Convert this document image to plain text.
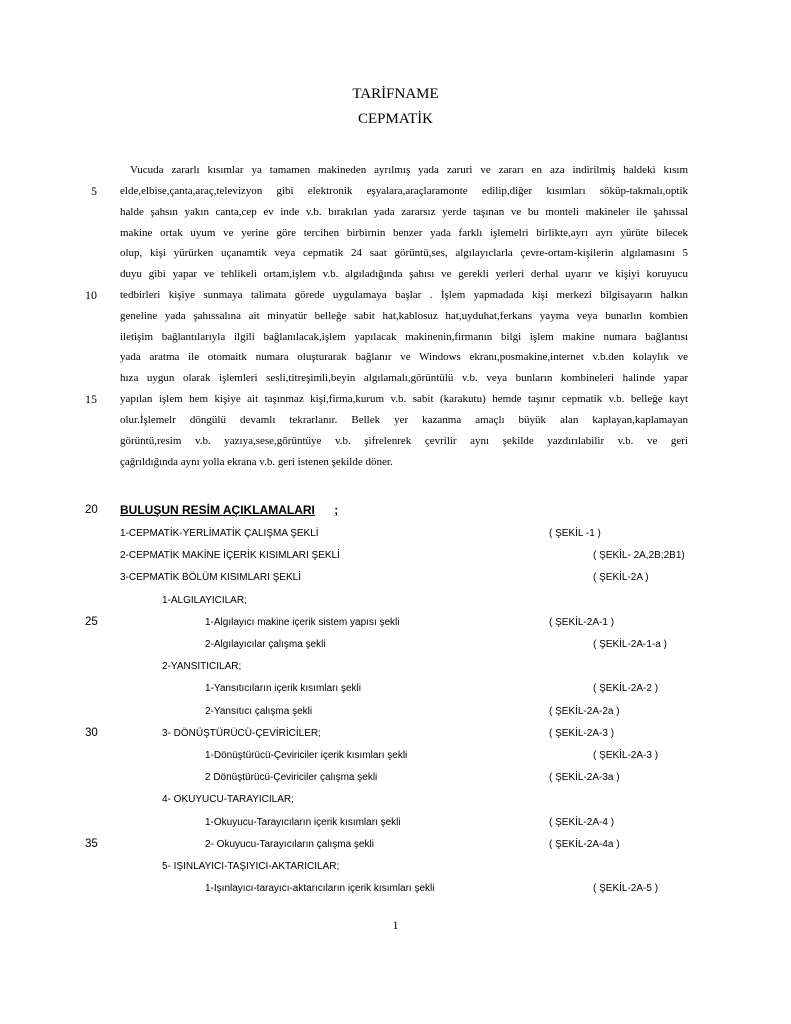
TARİFNAME
CEPMATİK
Vucuda zararlı kısımlar ya tamamen makineden ayrılmış yada zaruri ve zararı en aza indirilmiş haldeki kısım
elde,elbise,çanta,araç,televizyon gibi elektronik eşyalara,araçlaramonte edilip,diğer kısımları söküp-takmalı,optik
halde şahsın yakın canta,cep ev inde v.b. bırakılan yada zararsız yerde taşınan ve bu monteli makineler ile şahıssal
makine ortak uyum ve yerine göre tercihen birbirnin benzer yada farklı işlemelri birlikte,ayrı ayrı yürüte bilecek
olup, kişi yürürken uçanamtik veya cepmatik 24 saat görüntü,ses, algılayıclarla çevre-ortam-kişilerin algılamasını 5
duyu gibi yapar ve tehlikeli ortam,işlem v.b. algıladığında şahısı ve gerekli yerleri derhal uyarır ve kişiyi koruyucu
tedbirleri kişiye sunmaya talimata görede uygulamaya başlar . İşlem yapmadada kişi merkezi bilgisayarın halkın
geneline yada şahıssalına ait minyatür belleğe sabit hat,kablosuz hat,uyduhat,ferkans yayma veya bunarlın kombien
iletişim bağlantılarıyla ilgili bağlanılacak,işlem yapılacak makinenin,firmanın bilgi işlem makine numara bağlantısı
yada aratma ile otomaitk numara oluşturarak bağlanır ve Windows ekranı,posmakine,internet v.b.den kolaylık ve
hıza uygun olarak işlemleri sesli,titreşimli,beyin algılamalı,görüntülü v.b. veya bunların kombineleri halinde yapar
yapılan işlem hem kişiye ait taşınmaz kişi,firma,kurum v.b. sabit (karakutu) hemde taşınır cepmatik v.b. belleğe kayt
olur.İşlemelr döngülü devamlı tekrarlanır. Bellek yer kazanma amaçlı büyük alan kaplayan,kaplamayan
görüntü,resim v.b. yazıya,sese,görüntüye v.b. şifrelenrek çevrilir aynı şekilde yazdırılabilir v.b. ve geri
çağrıldığında aynı yolla ekrana v.b. geri istenen şekilde döner.
5
10
15
20
25
30
35
BULUŞUN RESİM AÇIKLAMALARI ;
1-CEPMATİK-YERLİMATİK ÇALIŞMA ŞEKLİ	( ŞEKİL -1 )
2-CEPMATİK MAKİNE İÇERİK KISIMLARI ŞEKLİ	( ŞEKİL- 2A,2B;2B1)
3-CEPMATİK BÖLÜM KISIMLARI ŞEKLİ	( ŞEKİL-2A )
1-ALGILAYICILAR;
1-Algılayıcı makine içerik sistem yapısı şekli	( ŞEKİL-2A-1 )
2-Algılayıcılar çalışma şekli	( ŞEKİL-2A-1-a )
2-YANSITICILAR;
1-Yansıtıcıların içerik kısımları şekli	( ŞEKİL-2A-2 )
2-Yansıtıcı çalışma şekli	( ŞEKİL-2A-2a )
3- DÖNÜŞTÜRÜCÜ-ÇEVİRİCİLER;	( ŞEKİL-2A-3 )
1-Dönüştürücü-Çeviriciler içerik kısımları şekli	( ŞEKİL-2A-3 )
2 Dönüştürücü-Çeviriciler çalışma şekli	( ŞEKİL-2A-3a )
4- OKUYUCU-TARAYICILAR;
1-Okuyucu-Tarayıcıların içerik kısımları şekli	( ŞEKİL-2A-4 )
2- Okuyucu-Tarayıcıların çalışma şekli	( ŞEKİL-2A-4a )
5- IŞINLAYICI-TAŞIYICI-AKTARICILAR;
1-Işınlayıcı-tarayıcı-aktarıcıların içerik kısımları şekli	( ŞEKİL-2A-5 )
1
